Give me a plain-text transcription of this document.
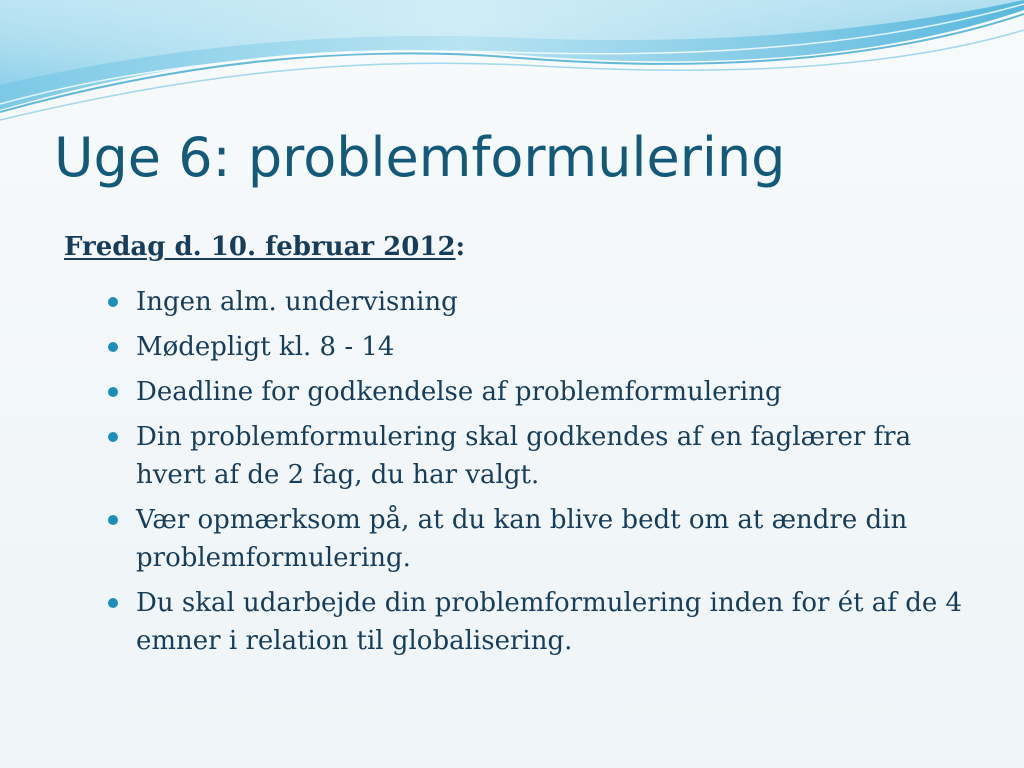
Uge 6: problemformulering
Fredag d. 10. februar 2012:
Ingen alm. undervisning
Mødepligt kl. 8 - 14
Deadline for godkendelse af problemformulering
Din problemformulering skal godkendes af en faglærer fra hvert af de 2 fag, du har valgt.
Vær opmærksom på, at du kan blive bedt om at ændre din problemformulering.
Du skal udarbejde din problemformulering inden for ét af de 4 emner i relation til globalisering.
